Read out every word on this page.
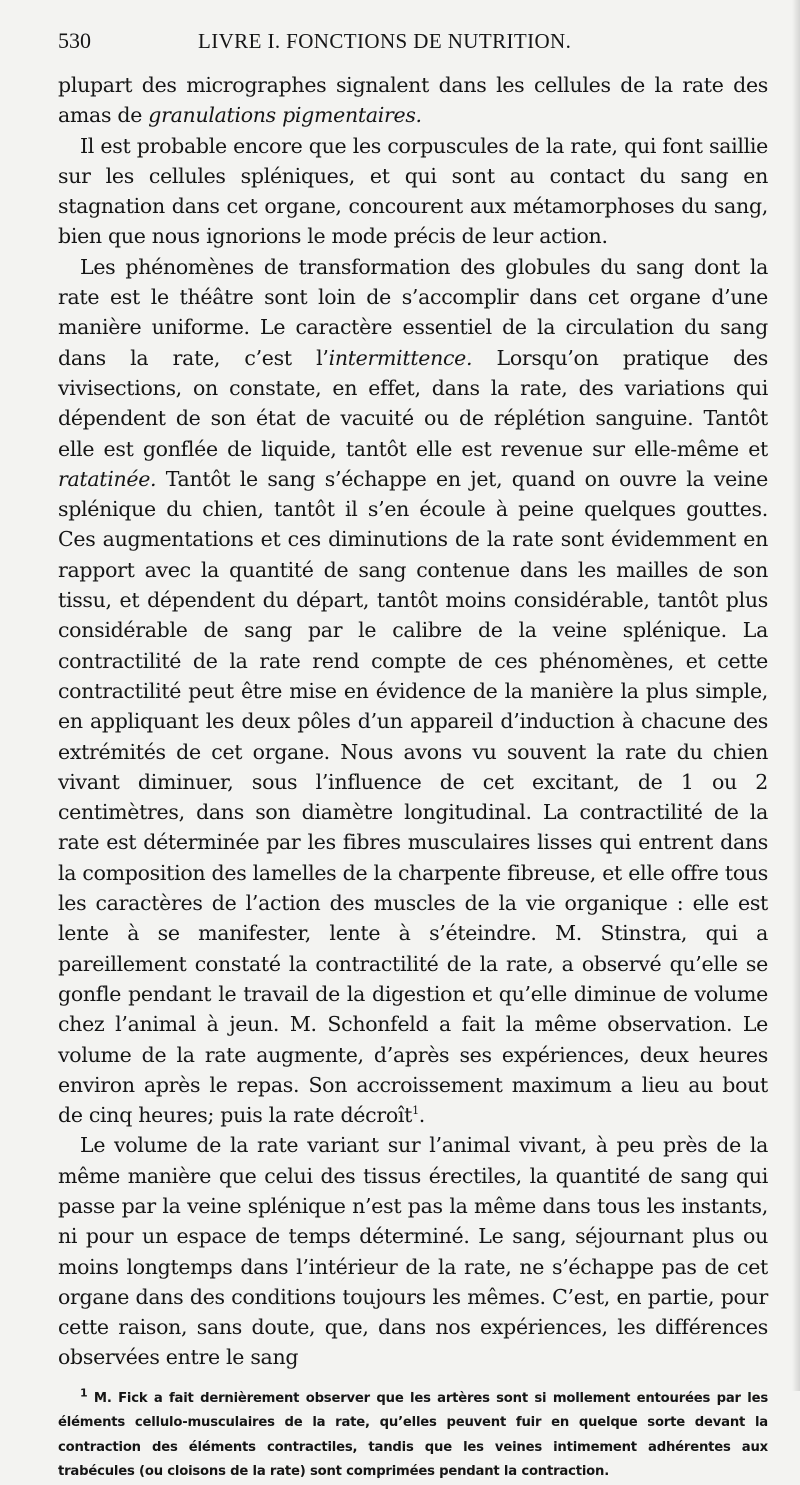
530	LIVRE I. FONCTIONS DE NUTRITION.

plupart des micrographes signalent dans les cellules de la rate des amas de granulations pigmentaires.

Il est probable encore que les corpuscules de la rate, qui font saillie sur les cellules spléniques, et qui sont au contact du sang en stagnation dans cet organe, concourent aux métamorphoses du sang, bien que nous ignorions le mode précis de leur action.

Les phénomènes de transformation des globules du sang dont la rate est le théâtre sont loin de s’accomplir dans cet organe d’une manière uniforme. Le caractère essentiel de la circulation du sang dans la rate, c’est l’intermittence. Lorsqu’on pratique des vivisections, on constate, en effet, dans la rate, des variations qui dépendent de son état de vacuité ou de réplétion sanguine. Tantôt elle est gonflée de liquide, tantôt elle est revenue sur elle-même et ratatinée. Tantôt le sang s’échappe en jet, quand on ouvre la veine splénique du chien, tantôt il s’en écoule à peine quelques gouttes. Ces augmentations et ces diminutions de la rate sont évidemment en rapport avec la quantité de sang contenue dans les mailles de son tissu, et dépendent du départ, tantôt moins considérable, tantôt plus considérable de sang par le calibre de la veine splénique. La contractilité de la rate rend compte de ces phénomènes, et cette contractilité peut être mise en évidence de la manière la plus simple, en appliquant les deux pôles d’un appareil d’induction à chacune des extrémités de cet organe. Nous avons vu souvent la rate du chien vivant diminuer, sous l’influence de cet excitant, de 1 ou 2 centimètres, dans son diamètre longitudinal. La contractilité de la rate est déterminée par les fibres musculaires lisses qui entrent dans la composition des lamelles de la charpente fibreuse, et elle offre tous les caractères de l’action des muscles de la vie organique : elle est lente à se manifester, lente à s’éteindre. M. Stinstra, qui a pareillement constaté la contractilité de la rate, a observé qu’elle se gonfle pendant le travail de la digestion et qu’elle diminue de volume chez l’animal à jeun. M. Schonfeld a fait la même observation. Le volume de la rate augmente, d’après ses expériences, deux heures environ après le repas. Son accroissement maximum a lieu au bout de cinq heures; puis la rate décroît$^1$.

Le volume de la rate variant sur l’animal vivant, à peu près de la même manière que celui des tissus érectiles, la quantité de sang qui passe par la veine splénique n’est pas la même dans tous les instants, ni pour un espace de temps déterminé. Le sang, séjournant plus ou moins longtemps dans l’intérieur de la rate, ne s’échappe pas de cet organe dans des conditions toujours les mêmes. C’est, en partie, pour cette raison, sans doute, que, dans nos expériences, les différences observées entre le sang

$^1$ M. Fick a fait dernièrement observer que les artères sont si mollement entourées par les éléments cellulo-musculaires de la rate, qu’elles peuvent fuir en quelque sorte devant la contraction des éléments contractiles, tandis que les veines intimement adhérentes aux trabécules (ou cloisons de la rate) sont comprimées pendant la contraction.
